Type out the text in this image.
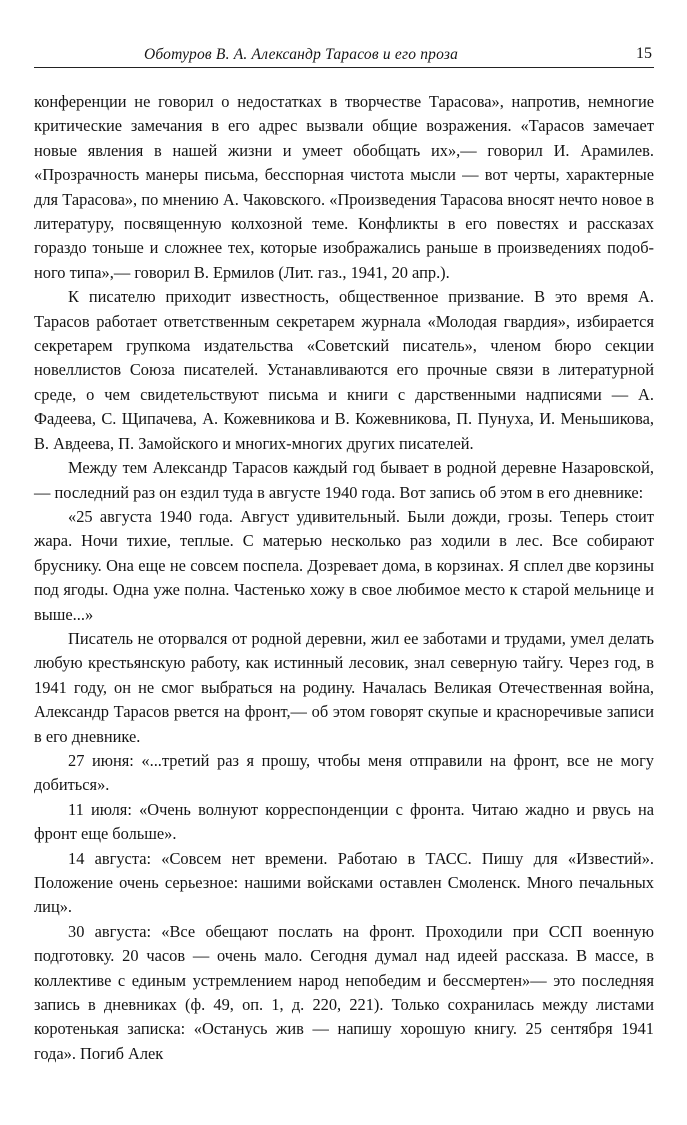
Оботуров В. А. Александр Тарасов и его проза	15

конференции не говорил о недостатках в творчестве Тарасова», напротив, немногие критические замечания в его адрес вызвали общие возражения. «Тарасов замечает новые явления в нашей жизни и умеет обобщать их»,— говорил И. Арамилев. «Прозрачность манеры письма, бесспорная чистота мысли — вот черты, характерные для Тарасова», по мнению А. Чаковского. «Произведения Тарасова вносят нечто новое в литературу, посвященную колхозной теме. Конфликты в его повестях и рассказах гораздо тоньше и сложнее тех, которые изображались раньше в произведениях подобного типа»,— говорил В. Ермилов (Лит. газ., 1941, 20 апр.).

К писателю приходит известность, общественное призвание. В это время А. Тарасов работает ответственным секретарем журнала «Молодая гвардия», избирается секретарем групкома издательства «Советский писатель», членом бюро секции новеллистов Союза писателей. Устанавливаются его прочные связи в литературной среде, о чем свидетельствуют письма и книги с дарственными надписями — А. Фадеева, С. Щипачева, А. Кожевникова и В. Кожевникова, П. Пунуха, И. Меньшикова, В. Авдеева, П. Замойского и многих-многих других писателей.

Между тем Александр Тарасов каждый год бывает в родной деревне Назаровской,— последний раз он ездил туда в августе 1940 года. Вот запись об этом в его дневнике:

«25 августа 1940 года. Август удивительный. Были дожди, грозы. Теперь стоит жара. Ночи тихие, теплые. С матерью несколько раз ходили в лес. Все собирают бруснику. Она еще не совсем поспела. Дозревает дома, в корзинах. Я сплел две корзины под ягоды. Одна уже полна. Частенько хожу в свое любимое место к старой мельнице и выше...»

Писатель не оторвался от родной деревни, жил ее заботами и трудами, умел делать любую крестьянскую работу, как истинный лесовик, знал северную тайгу. Через год, в 1941 году, он не смог выбраться на родину. Началась Великая Отечественная война, Александр Тарасов рвется на фронт,— об этом говорят скупые и красноречивые записи в его дневнике.

27 июня: «...третий раз я прошу, чтобы меня отправили на фронт, все не могу добиться».

11 июля: «Очень волнуют корреспонденции с фронта. Читаю жадно и рвусь на фронт еще больше».

14 августа: «Совсем нет времени. Работаю в ТАСС. Пишу для «Известий». Положение очень серьезное: нашими войсками оставлен Смоленск. Много печальных лиц».

30 августа: «Все обещают послать на фронт. Проходили при ССП военную подготовку. 20 часов — очень мало. Сегодня думал над идеей рассказа. В массе, в коллективе с единым устремлением народ непобедим и бессмертен»— это последняя запись в дневниках (ф. 49, оп. 1, д. 220, 221). Только сохранилась между листами коротенькая записка: «Останусь жив — напишу хорошую книгу. 25 сентября 1941 года». Погиб Алек
